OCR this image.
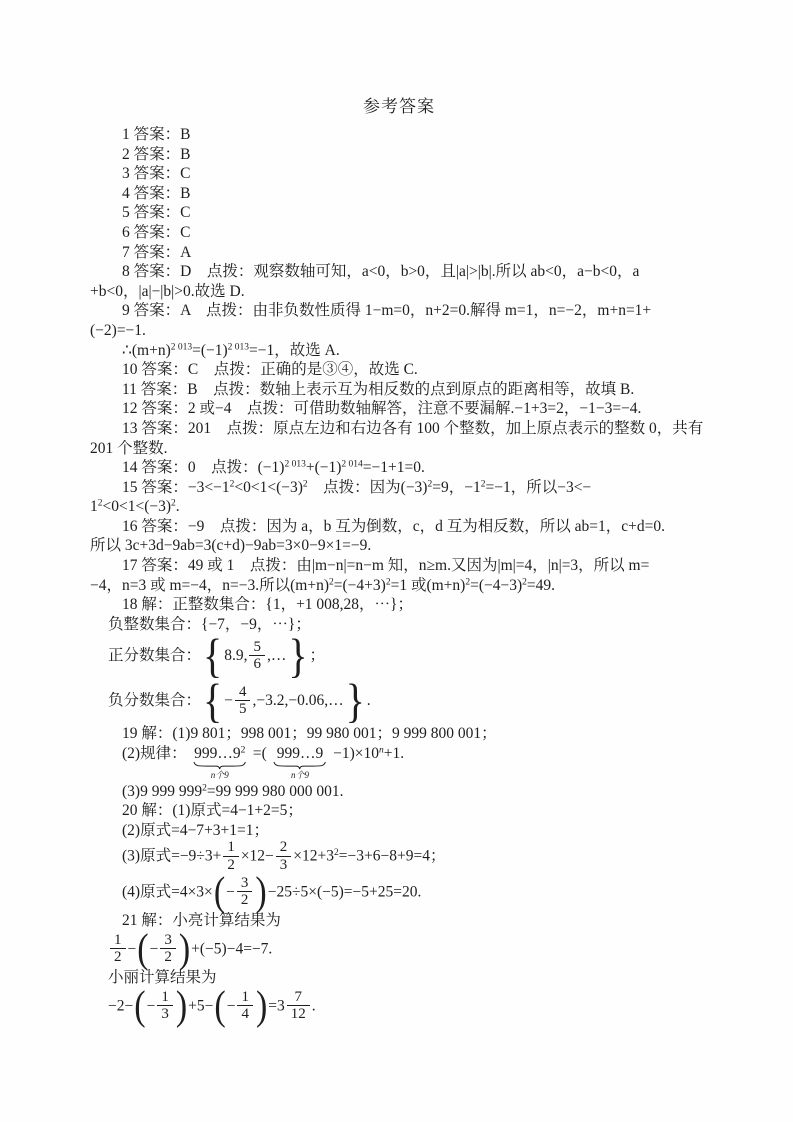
参考答案
1 答案：B
2 答案：B
3 答案：C
4 答案：B
5 答案：C
6 答案：C
7 答案：A
8 答案：D　点拨：观察数轴可知，a<0，b>0，且|a|>|b|.所以 ab<0，a−b<0，a
+b<0，|a|−|b|>0.故选 D.
9 答案：A　点拨：由非负数性质得 1−m=0，n+2=0.解得 m=1，n=−2，m+n=1+
(−2)=−1.
$\therefore(m+n)^{2 013}=(-1)^{2 013}=-1$，故选 A.
10 答案：C　点拨：正确的是③④，故选 C.
11 答案：B　点拨：数轴上表示互为相反数的点到原点的距离相等，故填 B.
12 答案：2 或−4　点拨：可借助数轴解答，注意不要漏解.−1+3=2，−1−3=−4.
13 答案：201　点拨：原点左边和右边各有 100 个整数，加上原点表示的整数 0，共有
201 个整数.
14 答案：0　点拨：$(-1)^{2 013}+(-1)^{2 014}=-1+1=0$.
15 答案：$-3<-1^2<0<1<(-3)^2$　点拨：因为$(-3)^2=9$，$-1^2=-1$，所以−3<−
$1^2<0<1<(-3)^2$.
16 答案：−9　点拨：因为 a，b 互为倒数，c，d 互为相反数，所以 ab=1，c+d=0.
所以 3c+3d−9ab=3(c+d)−9ab=3×0−9×1=−9.
17 答案：49 或 1　点拨：由|m−n|=n−m 知，n≥m.又因为|m|=4，|n|=3，所以 m=
−4，n=3 或 m=−4，n=−3.所以$(m+n)^2=(-4+3)^2=1$ 或$(m+n)^2=(-4-3)^2=49$.
18 解：正整数集合：{1，+1 008,28，⋯}；
负整数集合：{−7，−9，⋯}；
正分数集合：{ 8.9, $\frac{5}{6}$ ,…} ；
负分数集合：{ − $\frac{4}{5}$ ,−3.2,−0.06,…} .
19 解：(1)9 801；998 001；99 980 001；9 999 800 001；
(2)规律： $999\dots 9^2$
n个9
=( 999…9
n个9
$-1)\times 10^n+1$.
(3)9 999 $999^2=99$ 999 980 000 001.
20 解：(1)原式=4−1+2=5；
(2)原式=4−7+3+1=1；
(3)原式$=-9\div 3+ \frac{1}{2} \times 12- \frac{2}{3} \times 12+3^2=-3+6-8+9=4$；
(4)原式$=4\times 3\times(- \frac{3}{2} )-25\div 5\times(-5)=-5+25=20$.
21 解：小亮计算结果为
$\frac{1}{2}$ −(− $\frac{3}{2} )+(-5)-4=-7$.
小丽计算结果为
$-2-(- \frac{1}{3} )+5-(- \frac{1}{4} )=3 \frac{7}{12}$ .
